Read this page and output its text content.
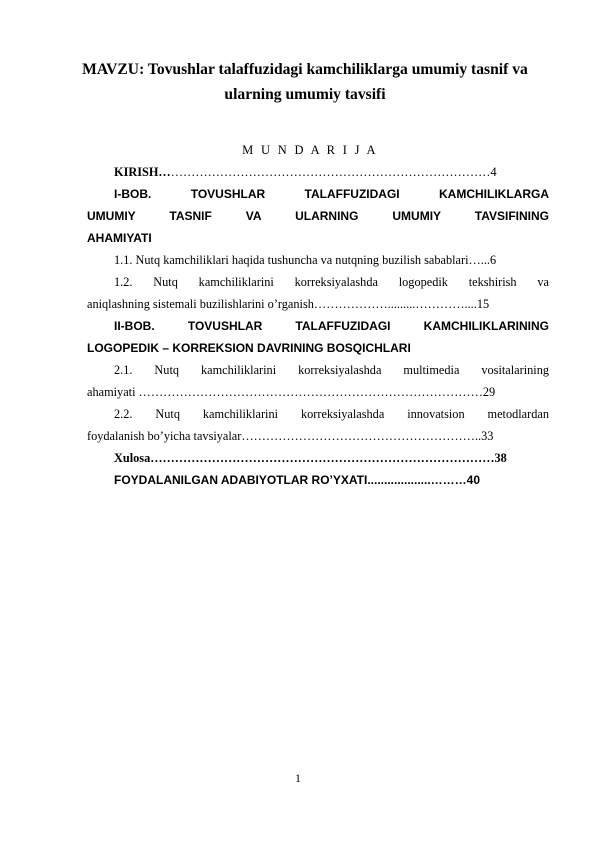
MAVZU: Tovushlar talaffuzidagi kamchiliklarga umumiy tasnif va
ularning umumiy tavsifi
M U N D A R I J A
KIRISH………………………………………………………………………4
I-BOB. TOVUSHLAR TALAFFUZIDAGI KAMCHILIKLARGA
UMUMIY TASNIF VA ULARNING UMUMIY TAVSIFINING
AHAMIYATI
1.1. Nutq kamchiliklari haqida tushuncha va nutqning buzilish sabablari…...6
1.2. Nutq kamchiliklarini korreksiyalashda logopedik tekshirish va
aniqlashning sistemali buzilishlarini o’rganish……………….........…………....15
II-BOB.	TOVUSHLAR TALAFFUZIDAGI KAMCHILIKLARINING
LOGOPEDIK – KORREKSION DAVRINING BOSQICHLARI
2.1. Nutq kamchiliklarini korreksiyalashda multimedia vositalarining
ahamiyati …………………………………………………………………………29
2.2. Nutq kamchiliklarini korreksiyalashda innovatsion metodlardan
foydalanish bo’yicha tavsiyalar…………………………………………………..33
Xulosa…………………………………………………………………………38
FOYDALANILGAN ADABIYOTLAR RO’YXATI...................………40
1
